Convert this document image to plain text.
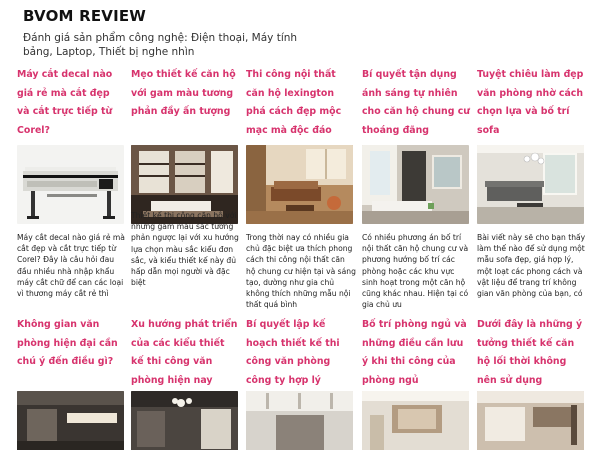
BVOM REVIEW
Đánh giá sản phẩm công nghệ: Điện thoại, Máy tính bảng, Laptop, Thiết bị nghe nhìn
Máy cắt decal nào giá rẻ mà cắt đẹp và cắt trực tiếp từ Corel?
Máy cắt decal nào giá rẻ mà cắt đẹp và cắt trực tiếp từ Corel? Đây là câu hỏi đau đầu nhiều nhà nhập khẩu máy cắt chữ để can các loại vì thương máy cắt rẻ thì
Mẹo thiết kế căn hộ với gam màu tương phản đầy ấn tượng
Thiết kế thi công căn hộ với những gam màu sắc tương phản ngược lại với xu hướng lựa chọn màu sắc kiểu đơn sắc, và kiểu thiết kế này đủ hấp dẫn mọi người và đặc biệt
Thi công nội thất căn hộ lexington phá cách đẹp mộc mạc mà độc đáo
Trong thời nay có nhiều gia chủ đặc biệt ưa thích phong cách thi công nội thất căn hộ chung cư hiện tại và sáng tạo, dường như gia chủ không thích những mẫu nội thất quá bình
Bí quyết tận dụng ánh sáng tự nhiên cho căn hộ chung cư thoáng đãng
Có nhiều phương án bố trí nội thất căn hộ chung cư và phương hướng bố trí các phòng hoặc các khu vực sinh hoạt trong một căn hộ cũng khác nhau. Hiện tại có gia chủ ưu
Tuyệt chiêu làm đẹp văn phòng nhờ cách chọn lựa và bố trí sofa
Bài viết này sẽ cho bạn thấy làm thế nào để sử dụng một mẫu sofa đẹp, giá hợp lý, một loạt các phong cách và vật liệu để trang trí không gian văn phòng của bạn, có
Không gian văn phòng hiện đại cần chú ý đến điều gì?
Xu hướng phát triển của các kiểu thiết kế thi công văn phòng hiện nay
Bí quyết lập kế hoạch thiết kế thi công văn phòng công ty hợp lý
Bố trí phòng ngủ và những điều cần lưu ý khi thi công của phòng ngủ
Dưới đây là những ý tưởng thiết kế căn hộ lối thời không nên sử dụng
